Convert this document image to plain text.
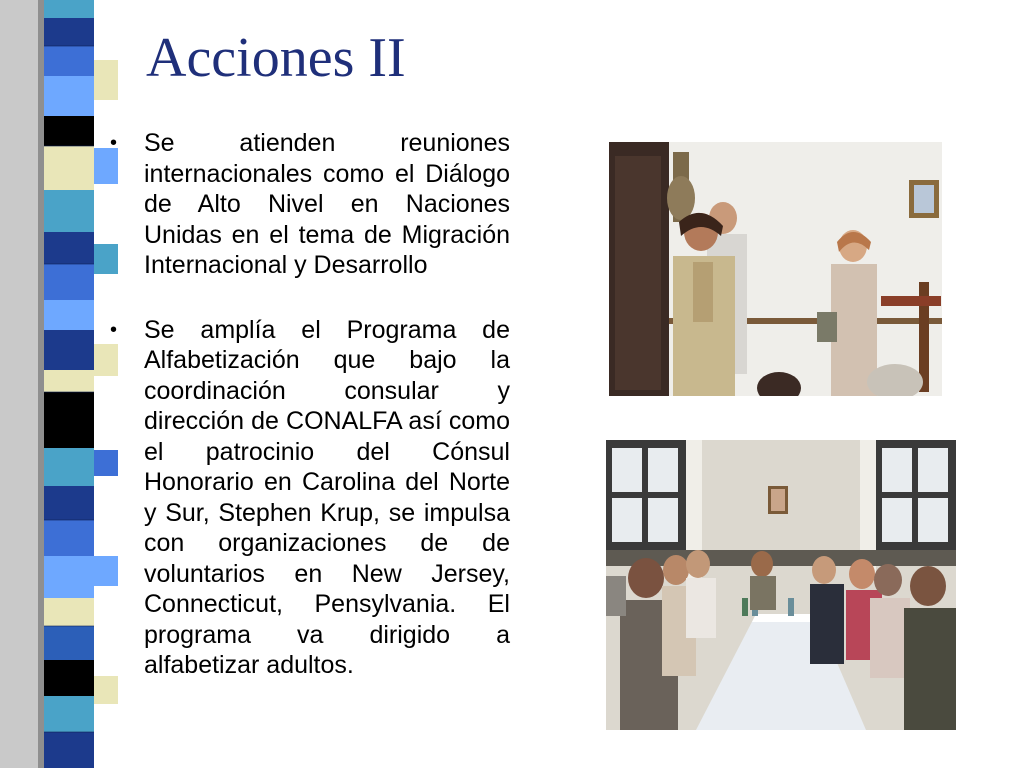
Acciones II
• Se atienden reuniones internacionales como el Diálogo de Alto Nivel en Naciones Unidas en el tema de Migración Internacional y Desarrollo
• Se amplía el Programa de Alfabetización que bajo la coordinación consular y dirección de CONALFA así como el patrocinio del Cónsul Honorario en Carolina del Norte y Sur, Stephen Krup, se impulsa con organizaciones de de voluntarios en New Jersey, Connecticut, Pensylvania. El programa va dirigido a alfabetizar adultos.
